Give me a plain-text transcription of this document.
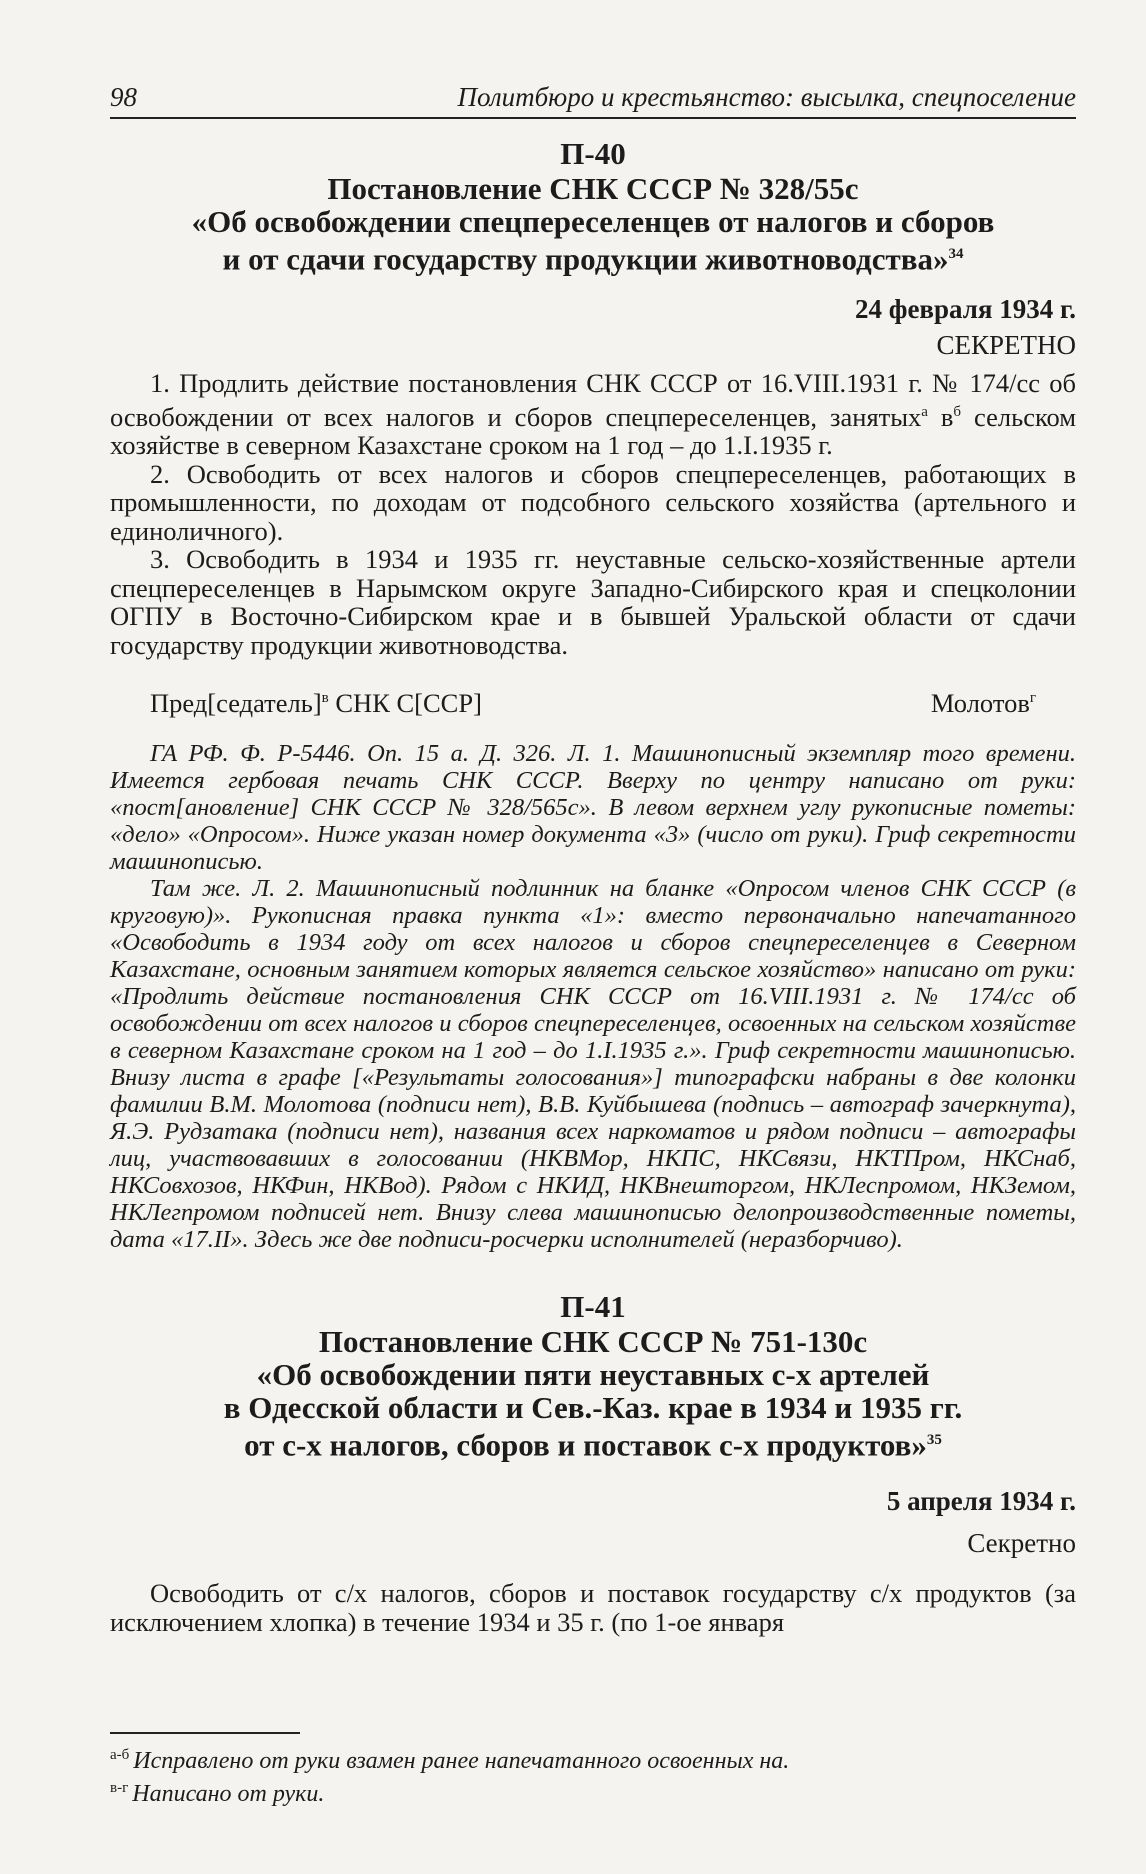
98	Политбюро и крестьянство: высылка, спецпоселение

П-40

Постановление СНК СССР № 328/55с

«Об освобождении спецпереселенцев от налогов и сборов

и от сдачи государству продукции животноводства»$^{34}$

24 февраля 1934 г.
СЕКРЕТНО

1. Продлить действие постановления СНК СССР от 16.VIII.1931 г. № 174/сс об освобождении от всех налогов и сборов спецпереселенцев, занятых$^а$ $в^б$ сельском хозяйстве в северном Казахстане сроком на 1 год – до 1.I.1935 г.

2. Освободить от всех налогов и сборов спецпереселенцев, работающих в промышленности, по доходам от подсобного сельского хозяйства (артельного и единоличного).

3. Освободить в 1934 и 1935 гг. неуставные сельско-хозяйственные артели спецпереселенцев в Нарымском округе Западно-Сибирского края и спецколонии ОГПУ в Восточно-Сибирском крае и в бывшей Уральской области от сдачи государству продукции животноводства.

Пред[седатель]$^в$ СНК С[ССР]	Молотов$^г$

ГА РФ. Ф. Р-5446. Оп. 15 а. Д. 326. Л. 1. Машинописный экземпляр того времени. Имеется гербовая печать СНК СССР. Вверху по центру написано от руки: «пост[ановление] СНК СССР № 328/565с». В левом верхнем углу рукописные пометы: «дело» «Опросом». Ниже указан номер документа «3» (число от руки). Гриф секретности машинописью.

Там же. Л. 2. Машинописный подлинник на бланке «Опросом членов СНК СССР (в круговую)». Рукописная правка пункта «1»: вместо первоначально напечатанного «Освободить в 1934 году от всех налогов и сборов спецпереселенцев в Северном Казахстане, основным занятием которых является сельское хозяйство» написано от руки: «Продлить действие постановления СНК СССР от 16.VIII.1931 г. № 174/сс об освобождении от всех налогов и сборов спецпереселенцев, освоенных на сельском хозяйстве в северном Казахстане сроком на 1 год – до 1.I.1935 г.». Гриф секретности машинописью. Внизу листа в графе [«Результаты голосования»] типографски набраны в две колонки фамилии В.М. Молотова (подписи нет), В.В. Куйбышева (подпись – автограф зачеркнута), Я.Э. Рудзатака (подписи нет), названия всех наркоматов и рядом подписи – автографы лиц, участвовавших в голосовании (НКВМор, НКПС, НКСвязи, НКТПром, НКСнаб, НКСовхозов, НКФин, НКВод). Рядом с НКИД, НКВнешторгом, НКЛеспромом, НКЗемом, НКЛегпромом подписей нет. Внизу слева машинописью делопроизводственные пометы, дата «17.II». Здесь же две подписи-росчерки исполнителей (неразборчиво).

П-41

Постановление СНК СССР № 751-130с

«Об освобождении пяти неуставных с-х артелей

в Одесской области и Сев.-Каз. крае в 1934 и 1935 гг.

от с-х налогов, сборов и поставок с-х продуктов»$^{35}$

5 апреля 1934 г.
Секретно

Освободить от с/х налогов, сборов и поставок государству с/х продуктов (за исключением хлопка) в течение 1934 и 35 г. (по 1-ое января

$^{а-б}$ Исправлено от руки взамен ранее напечатанного освоенных на.

$^{в-г}$ Написано от руки.
